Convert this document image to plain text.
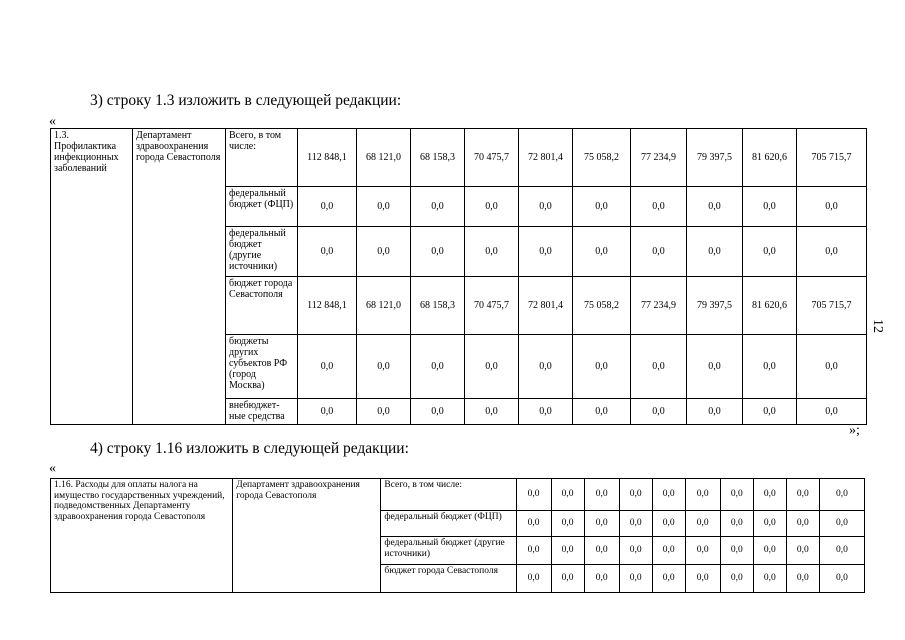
3) строку 1.3 изложить в следующей редакции:
«
1.3. Профилактика инфекционных заболеваний	Департамент здравоохранения города Севастополя	Всего, в том числе:	112 848,1	68 121,0	68 158,3	70 475,7	72 801,4	75 058,2	77 234,9	79 397,5	81 620,6	705 715,7
		федеральный бюджет (ФЦП)	0,0	0,0	0,0	0,0	0,0	0,0	0,0	0,0	0,0	0,0
		федеральный бюджет (другие источники)	0,0	0,0	0,0	0,0	0,0	0,0	0,0	0,0	0,0	0,0
		бюджет города Севастополя	112 848,1	68 121,0	68 158,3	70 475,7	72 801,4	75 058,2	77 234,9	79 397,5	81 620,6	705 715,7
		бюджеты других субъектов РФ (город Москва)	0,0	0,0	0,0	0,0	0,0	0,0	0,0	0,0	0,0	0,0
		внебюджет-ные средства	0,0	0,0	0,0	0,0	0,0	0,0	0,0	0,0	0,0	0,0
»;
4) строку 1.16 изложить в следующей редакции:
«
1.16. Расходы для оплаты налога на имущество государственных учреждений, подведомственных Департаменту здравоохранения города Севастополя	Департамент здравоохранения города Севастополя	Всего, в том числе:	0,0	0,0	0,0	0,0	0,0	0,0	0,0	0,0	0,0	0,0
		федеральный бюджет (ФЦП)	0,0	0,0	0,0	0,0	0,0	0,0	0,0	0,0	0,0	0,0
		федеральный бюджет (другие источники)	0,0	0,0	0,0	0,0	0,0	0,0	0,0	0,0	0,0	0,0
		бюджет города Севастополя	0,0	0,0	0,0	0,0	0,0	0,0	0,0	0,0	0,0	0,0
12
